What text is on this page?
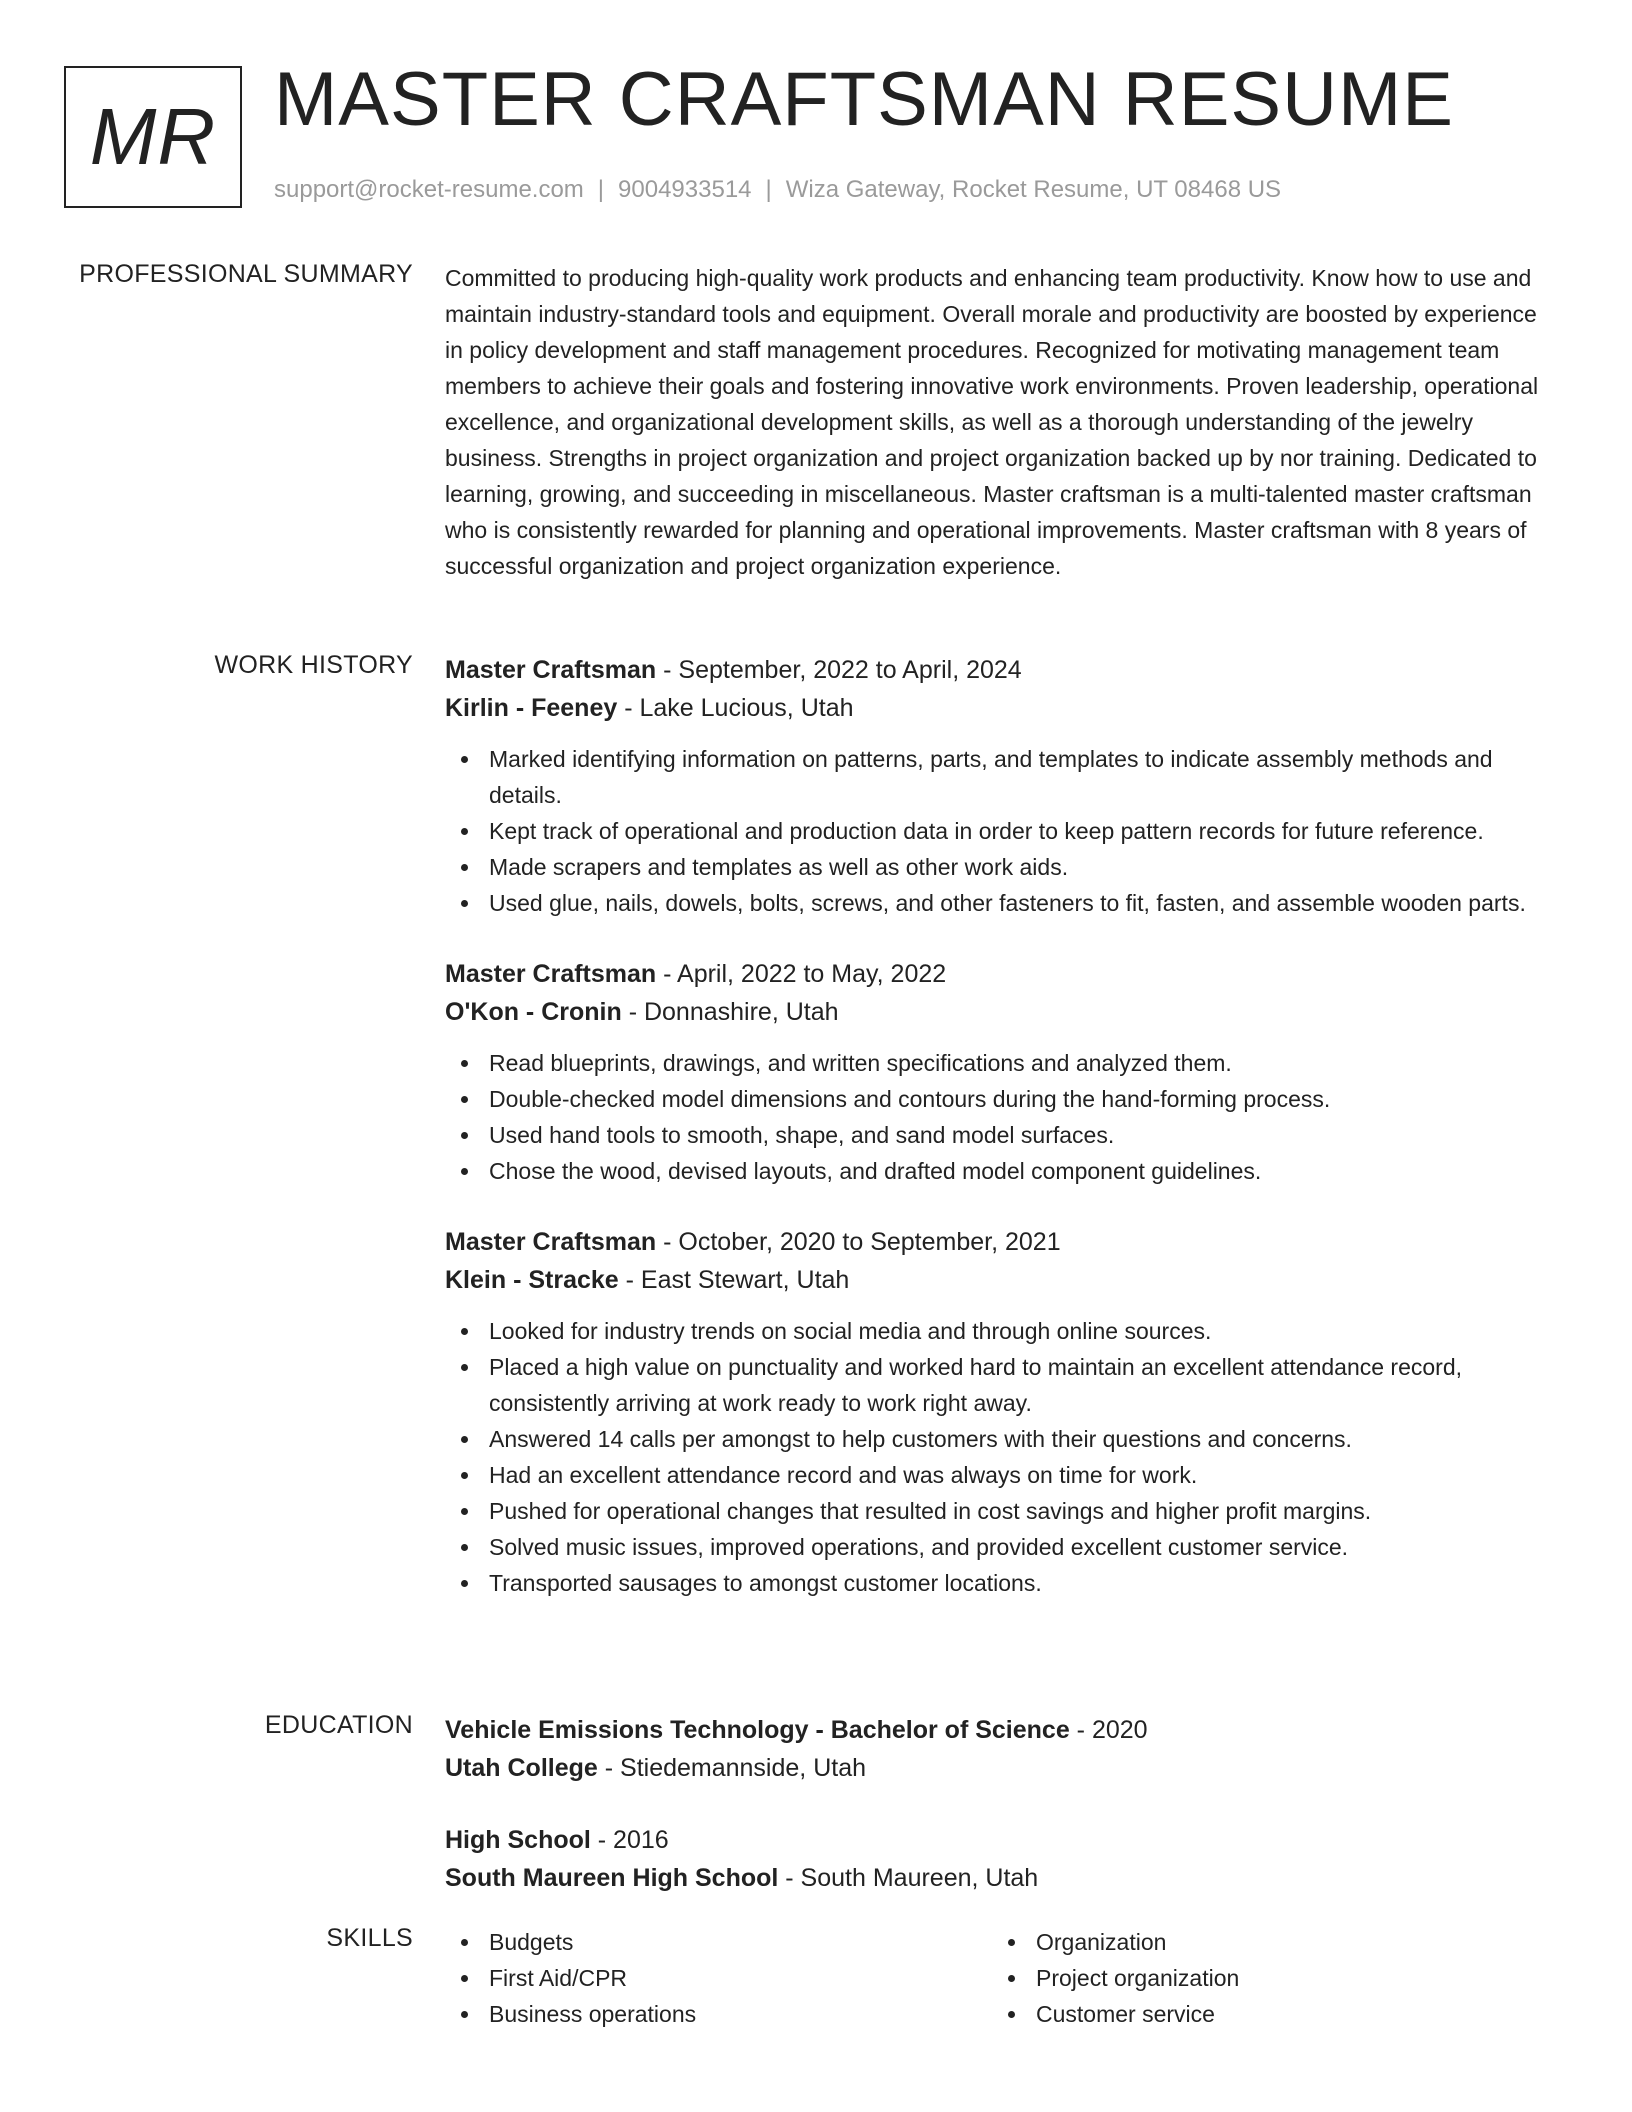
MR MASTER CRAFTSMAN RESUME
support@rocket-resume.com | 9004933514 | Wiza Gateway, Rocket Resume, UT 08468 US
PROFESSIONAL SUMMARY Committed to producing high-quality work products and enhancing team productivity. Know how to use and maintain industry-standard tools and equipment. Overall morale and productivity are boosted by experience in policy development and staff management procedures. Recognized for motivating management team members to achieve their goals and fostering innovative work environments. Proven leadership, operational excellence, and organizational development skills, as well as a thorough understanding of the jewelry business. Strengths in project organization and project organization backed up by nor training. Dedicated to learning, growing, and succeeding in miscellaneous. Master craftsman is a multi-talented master craftsman who is consistently rewarded for planning and operational improvements. Master craftsman with 8 years of successful organization and project organization experience.

WORK HISTORY Master Craftsman - September, 2022 to April, 2024
Kirlin - Feeney - Lake Lucious, Utah
Marked identifying information on patterns, parts, and templates to indicate assembly methods and details.
Kept track of operational and production data in order to keep pattern records for future reference.
Made scrapers and templates as well as other work aids.
Used glue, nails, dowels, bolts, screws, and other fasteners to fit, fasten, and assemble wooden parts.
Master Craftsman - April, 2022 to May, 2022
O'Kon - Cronin - Donnashire, Utah
Read blueprints, drawings, and written specifications and analyzed them.
Double-checked model dimensions and contours during the hand-forming process.
Used hand tools to smooth, shape, and sand model surfaces.
Chose the wood, devised layouts, and drafted model component guidelines.
Master Craftsman - October, 2020 to September, 2021
Klein - Stracke - East Stewart, Utah
Looked for industry trends on social media and through online sources.
Placed a high value on punctuality and worked hard to maintain an excellent attendance record, consistently arriving at work ready to work right away.
Answered 14 calls per amongst to help customers with their questions and concerns.
Had an excellent attendance record and was always on time for work.
Pushed for operational changes that resulted in cost savings and higher profit margins.
Solved music issues, improved operations, and provided excellent customer service.
Transported sausages to amongst customer locations.
EDUCATION Vehicle Emissions Technology - Bachelor of Science - 2020
Utah College - Stiedemannside, Utah
High School - 2016
South Maureen High School - South Maureen, Utah
SKILLS	Budgets
First Aid/CPR
Business operations
Organization
Project organization
Customer service
